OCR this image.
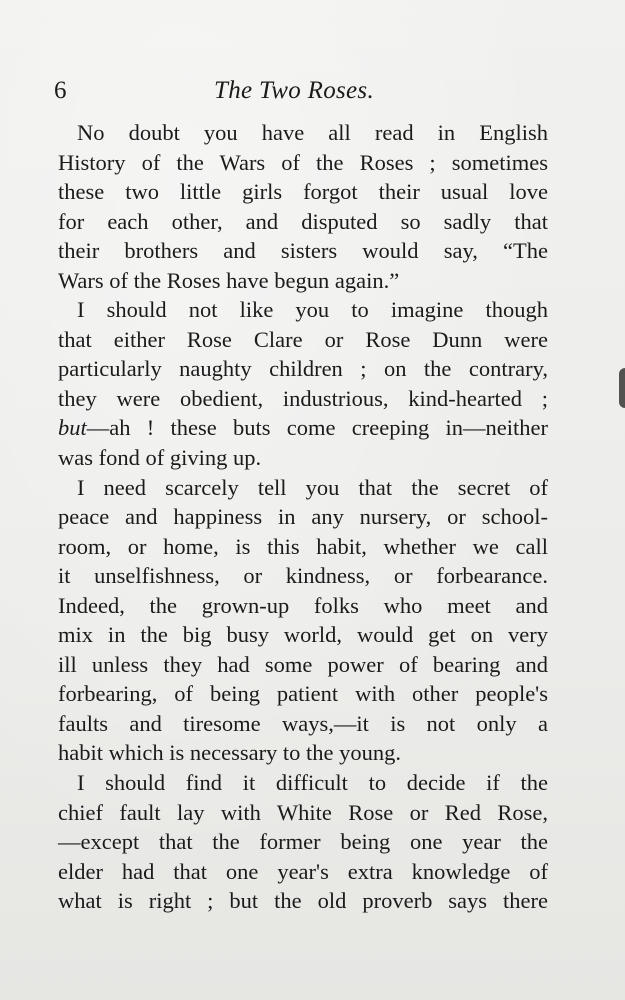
6	The Two Roses.
No doubt you have all read in English
History of the Wars of the Roses ; sometimes
these two little girls forgot their usual love
for each other, and disputed so sadly that
their brothers and sisters would say, “The
Wars of the Roses have begun again.”
I should not like you to imagine though
that either Rose Clare or Rose Dunn were
particularly naughty children ; on the contrary,
they were obedient, industrious, kind-hearted ;
but—ah ! these buts come creeping in—neither
was fond of giving up.
I need scarcely tell you that the secret of
peace and happiness in any nursery, or school-
room, or home, is this habit, whether we call
it unselfishness, or kindness, or forbearance.
Indeed, the grown-up folks who meet and
mix in the big busy world, would get on very
ill unless they had some power of bearing and
forbearing, of being patient with other people's
faults and tiresome ways,—it is not only a
habit which is necessary to the young.
I should find it difficult to decide if the
chief fault lay with White Rose or Red Rose,
—except that the former being one year the
elder had that one year's extra knowledge of
what is right ; but the old proverb says there
